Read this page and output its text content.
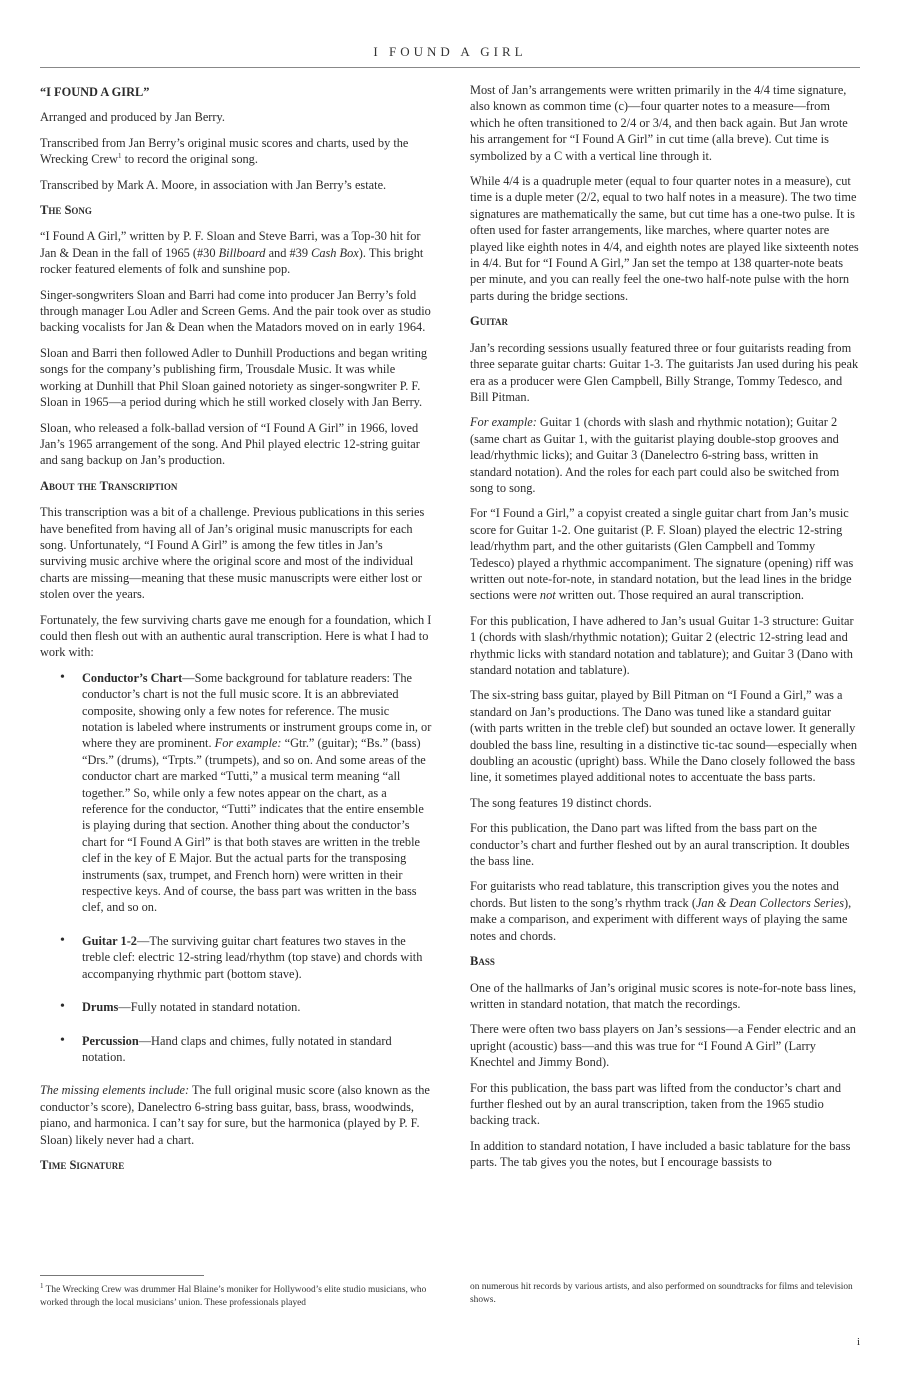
I FOUND A GIRL

“I FOUND A GIRL”

Arranged and produced by Jan Berry.

Transcribed from Jan Berry’s original music scores and charts, used by the Wrecking Crew$^1$ to record the original song.

Transcribed by Mark A. Moore, in association with Jan Berry’s estate.

The Song

“I Found A Girl,” written by P. F. Sloan and Steve Barri, was a Top-30 hit for Jan & Dean in the fall of 1965 (#30 Billboard and #39 Cash Box). This bright rocker featured elements of folk and sunshine pop.

Singer-songwriters Sloan and Barri had come into producer Jan Berry’s fold through manager Lou Adler and Screen Gems. And the pair took over as studio backing vocalists for Jan & Dean when the Matadors moved on in early 1964.

Sloan and Barri then followed Adler to Dunhill Productions and began writing songs for the company’s publishing firm, Trousdale Music. It was while working at Dunhill that Phil Sloan gained notoriety as singer-songwriter P. F. Sloan in 1965—a period during which he still worked closely with Jan Berry.

Sloan, who released a folk-ballad version of “I Found A Girl” in 1966, loved Jan’s 1965 arrangement of the song. And Phil played electric 12-string guitar and sang backup on Jan’s production.

About the Transcription

This transcription was a bit of a challenge. Previous publications in this series have benefited from having all of Jan’s original music manuscripts for each song. Unfortunately, “I Found A Girl” is among the few titles in Jan’s surviving music archive where the original score and most of the individual charts are missing—meaning that these music manuscripts were either lost or stolen over the years.

Fortunately, the few surviving charts gave me enough for a foundation, which I could then flesh out with an authentic aural transcription. Here is what I had to work with:

• Conductor’s Chart—Some background for tablature readers: The conductor’s chart is not the full music score. It is an abbreviated composite, showing only a few notes for reference. The music notation is labeled where instruments or instrument groups come in, or where they are prominent. For example: “Gtr.” (guitar); “Bs.” (bass) “Drs.” (drums), “Trpts.” (trumpets), and so on. And some areas of the conductor chart are marked “Tutti,” a musical term meaning “all together.” So, while only a few notes appear on the chart, as a reference for the conductor, “Tutti” indicates that the entire ensemble is playing during that section. Another thing about the conductor’s chart for “I Found A Girl” is that both staves are written in the treble clef in the key of E Major. But the actual parts for the transposing instruments (sax, trumpet, and French horn) were written in their respective keys. And of course, the bass part was written in the bass clef, and so on.
• Guitar 1-2—The surviving guitar chart features two staves in the treble clef: electric 12-string lead/rhythm (top stave) and chords with accompanying rhythmic part (bottom stave).
• Drums—Fully notated in standard notation.
• Percussion—Hand claps and chimes, fully notated in standard notation.

The missing elements include: The full original music score (also known as the conductor’s score), Danelectro 6-string bass guitar, bass, brass, woodwinds, piano, and harmonica. I can’t say for sure, but the harmonica (played by P. F. Sloan) likely never had a chart.

Time Signature

Most of Jan’s arrangements were written primarily in the 4/4 time signature, also known as common time (c)—four quarter notes to a measure—from which he often transitioned to 2/4 or 3/4, and then back again. But Jan wrote his arrangement for “I Found A Girl” in cut time (alla breve). Cut time is symbolized by a C with a vertical line through it.

While 4/4 is a quadruple meter (equal to four quarter notes in a measure), cut time is a duple meter (2/2, equal to two half notes in a measure). The two time signatures are mathematically the same, but cut time has a one-two pulse. It is often used for faster arrangements, like marches, where quarter notes are played like eighth notes in 4/4, and eighth notes are played like sixteenth notes in 4/4. But for “I Found A Girl,” Jan set the tempo at 138 quarter-note beats per minute, and you can really feel the one-two half-note pulse with the horn parts during the bridge sections.

Guitar

Jan’s recording sessions usually featured three or four guitarists reading from three separate guitar charts: Guitar 1-3. The guitarists Jan used during his peak era as a producer were Glen Campbell, Billy Strange, Tommy Tedesco, and Bill Pitman.

For example: Guitar 1 (chords with slash and rhythmic notation); Guitar 2 (same chart as Guitar 1, with the guitarist playing double-stop grooves and lead/rhythmic licks); and Guitar 3 (Danelectro 6-string bass, written in standard notation). And the roles for each part could also be switched from song to song.

For “I Found a Girl,” a copyist created a single guitar chart from Jan’s music score for Guitar 1-2. One guitarist (P. F. Sloan) played the electric 12-string lead/rhythm part, and the other guitarists (Glen Campbell and Tommy Tedesco) played a rhythmic accompaniment. The signature (opening) riff was written out note-for-note, in standard notation, but the lead lines in the bridge sections were not written out. Those required an aural transcription.

For this publication, I have adhered to Jan’s usual Guitar 1-3 structure: Guitar 1 (chords with slash/rhythmic notation); Guitar 2 (electric 12-string lead and rhythmic licks with standard notation and tablature); and Guitar 3 (Dano with standard notation and tablature).

The six-string bass guitar, played by Bill Pitman on “I Found a Girl,” was a standard on Jan’s productions. The Dano was tuned like a standard guitar (with parts written in the treble clef) but sounded an octave lower. It generally doubled the bass line, resulting in a distinctive tic-tac sound—especially when doubling an acoustic (upright) bass. While the Dano closely followed the bass line, it sometimes played additional notes to accentuate the bass parts.

The song features 19 distinct chords.

For this publication, the Dano part was lifted from the bass part on the conductor’s chart and further fleshed out by an aural transcription. It doubles the bass line.

For guitarists who read tablature, this transcription gives you the notes and chords. But listen to the song’s rhythm track (Jan & Dean Collectors Series), make a comparison, and experiment with different ways of playing the same notes and chords.

Bass

One of the hallmarks of Jan’s original music scores is note-for-note bass lines, written in standard notation, that match the recordings.

There were often two bass players on Jan’s sessions—a Fender electric and an upright (acoustic) bass—and this was true for “I Found A Girl” (Larry Knechtel and Jimmy Bond).

For this publication, the bass part was lifted from the conductor’s chart and further fleshed out by an aural transcription, taken from the 1965 studio backing track.

In addition to standard notation, I have included a basic tablature for the bass parts. The tab gives you the notes, but I encourage bassists to

$^1$ The Wrecking Crew was drummer Hal Blaine’s moniker for Hollywood’s elite studio musicians, who worked through the local musicians’ union. These professionals played
on numerous hit records by various artists, and also performed on soundtracks for films and television shows.
i
